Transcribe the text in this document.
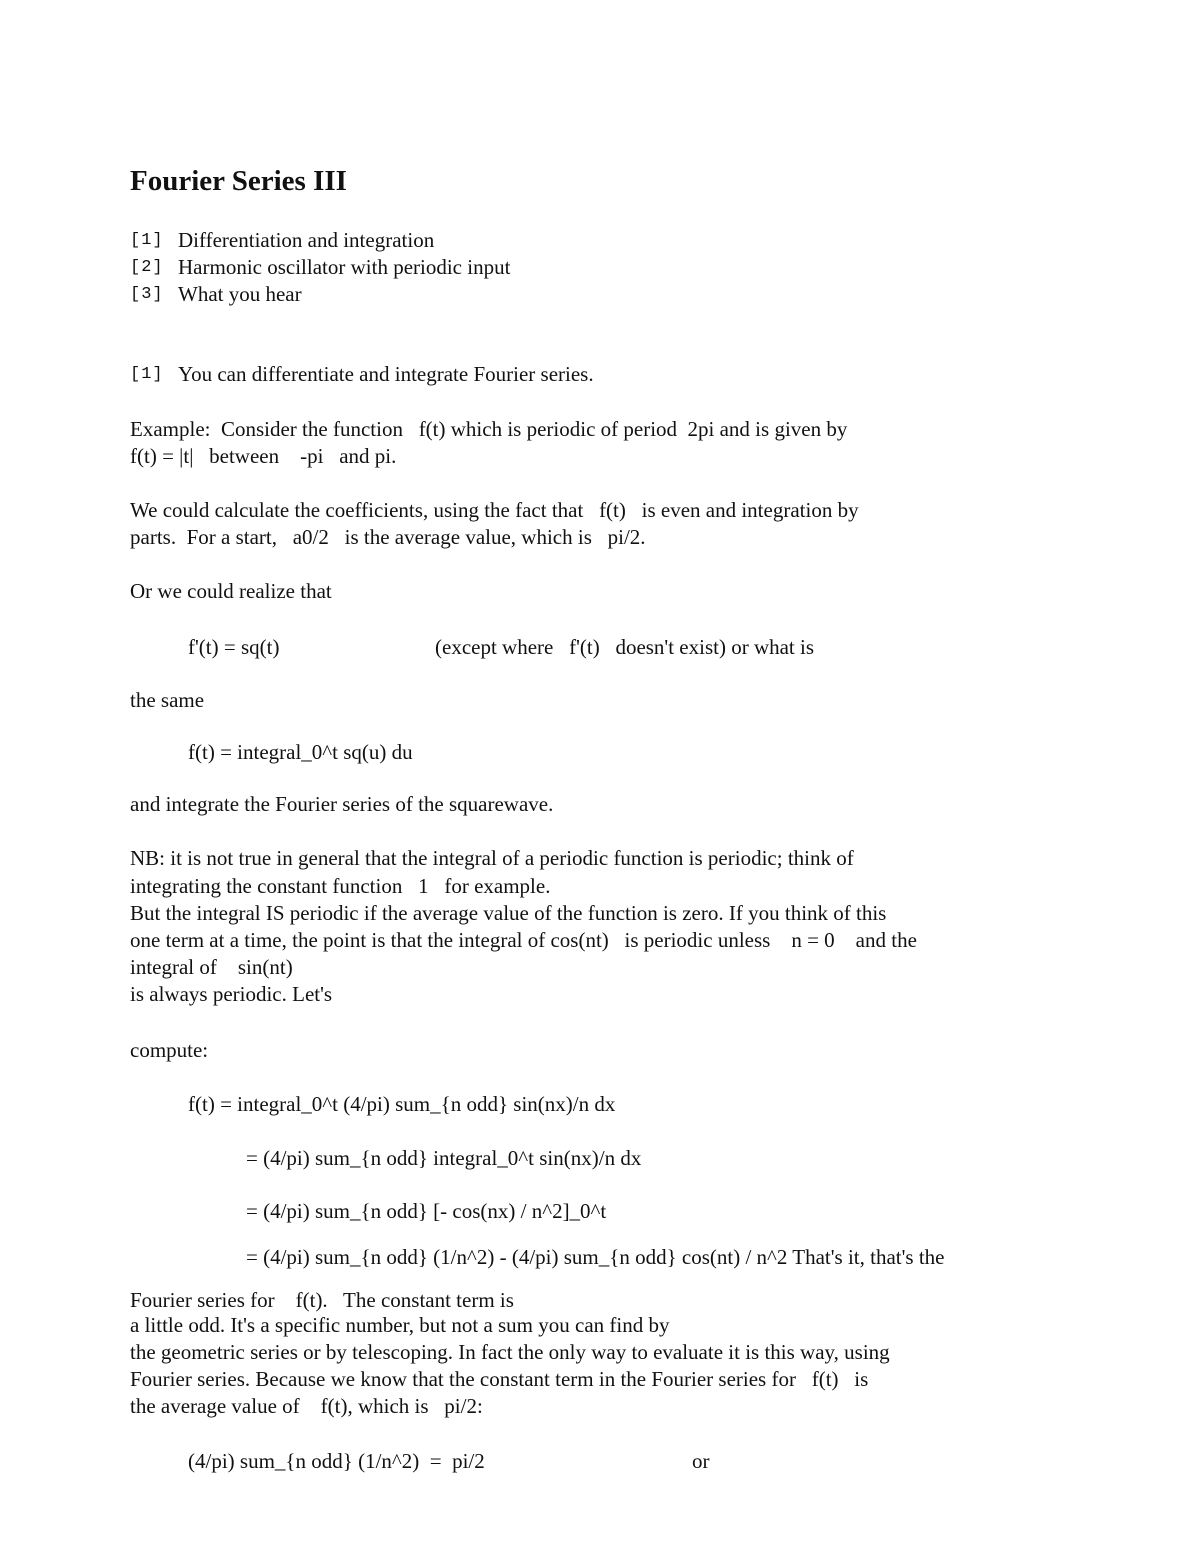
Fourier Series III
[1] Differentiation and integration
[2] Harmonic oscillator with periodic input
[3] What you hear
[1] You can differentiate and integrate Fourier series.
Example:  Consider the function   f(t) which is periodic of period  2pi and is given by
f(t) = |t|   between    -pi   and pi.
We could calculate the coefficients, using the fact that   f(t)   is even and integration by
parts.  For a start,   a0/2   is the average value, which is   pi/2.
Or we could realize that
f'(t) = sq(t)	(except where   f'(t)   doesn't exist) or what is
the same
f(t) = integral_0^t sq(u) du
and integrate the Fourier series of the squarewave.
NB: it is not true in general that the integral of a periodic function is periodic; think of
integrating the constant function   1   for example.
But the integral IS periodic if the average value of the function is zero. If you think of this
one term at a time, the point is that the integral of cos(nt)   is periodic unless    n = 0    and the
integral of    sin(nt)
is always periodic. Let's
compute:
f(t) = integral_0^t (4/pi) sum_{n odd} sin(nx)/n dx
= (4/pi) sum_{n odd} integral_0^t sin(nx)/n dx
= (4/pi) sum_{n odd} [- cos(nx) / n^2]_0^t
= (4/pi) sum_{n odd} (1/n^2) - (4/pi) sum_{n odd} cos(nt) / n^2 That's it, that's the
Fourier series for    f(t).   The constant term is
a little odd. It's a specific number, but not a sum you can find by
the geometric series or by telescoping. In fact the only way to evaluate it is this way, using
Fourier series. Because we know that the constant term in the Fourier series for   f(t)   is
the average value of    f(t), which is   pi/2:
(4/pi) sum_{n odd} (1/n^2)  =  pi/2	or
